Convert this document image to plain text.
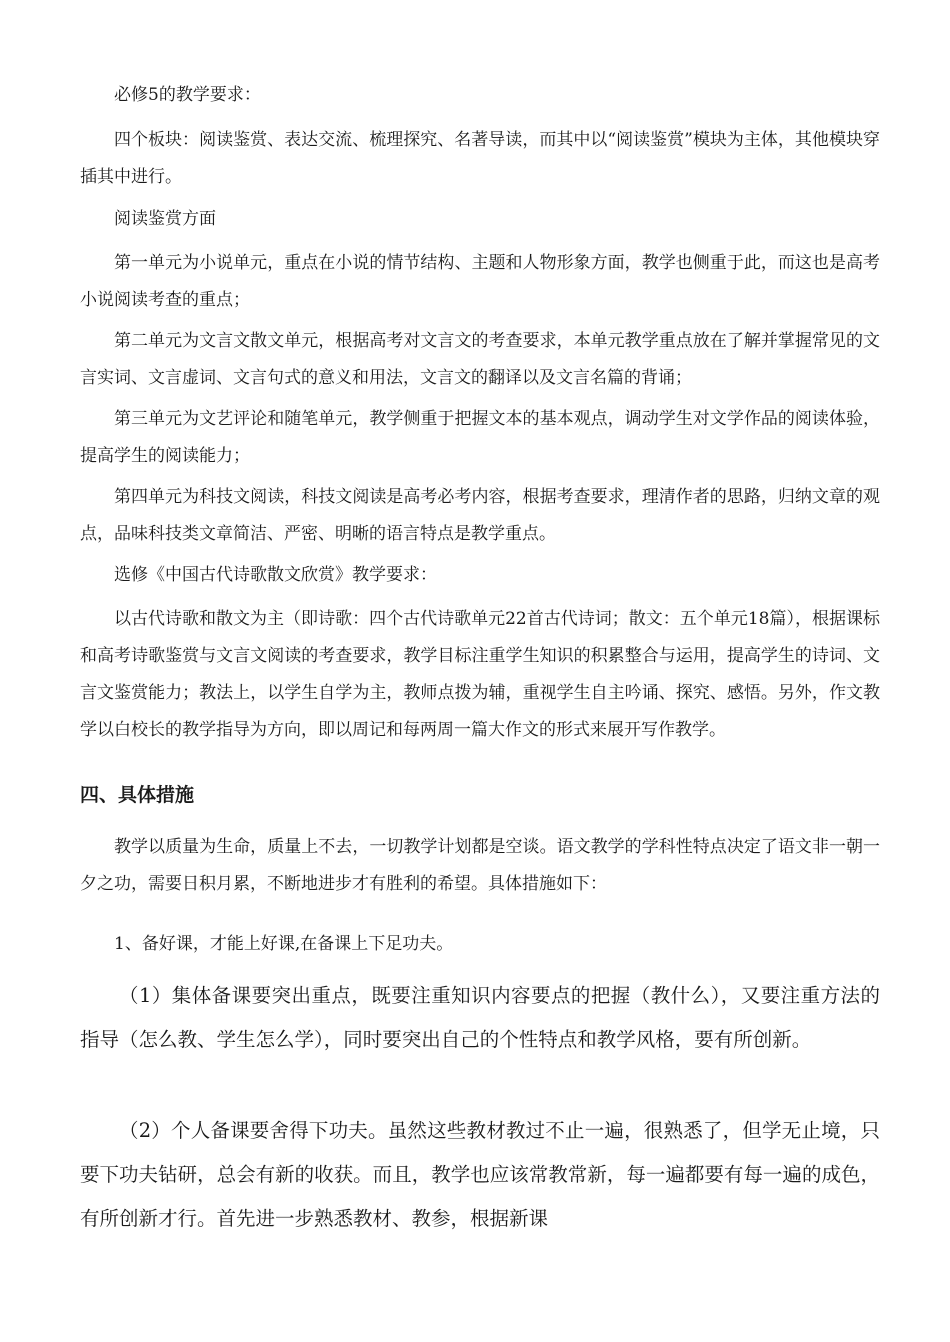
必修5的教学要求：

四个板块：阅读鉴赏、表达交流、梳理探究、名著导读，而其中以“阅读鉴赏”模块为主体，其他模块穿插其中进行。

阅读鉴赏方面

第一单元为小说单元，重点在小说的情节结构、主题和人物形象方面，教学也侧重于此，而这也是高考小说阅读考查的重点；

第二单元为文言文散文单元，根据高考对文言文的考查要求，本单元教学重点放在了解并掌握常见的文言实词、文言虚词、文言句式的意义和用法，文言文的翻译以及文言名篇的背诵；

第三单元为文艺评论和随笔单元，教学侧重于把握文本的基本观点，调动学生对文学作品的阅读体验，提高学生的阅读能力；

第四单元为科技文阅读，科技文阅读是高考必考内容，根据考查要求，理清作者的思路，归纳文章的观点，品味科技类文章简洁、严密、明晰的语言特点是教学重点。

选修《中国古代诗歌散文欣赏》教学要求：

以古代诗歌和散文为主（即诗歌：四个古代诗歌单元22首古代诗词；散文：五个单元18篇），根据课标和高考诗歌鉴赏与文言文阅读的考查要求，教学目标注重学生知识的积累整合与运用，提高学生的诗词、文言文鉴赏能力；教法上，以学生自学为主，教师点拨为辅，重视学生自主吟诵、探究、感悟。另外，作文教学以白校长的教学指导为方向，即以周记和每两周一篇大作文的形式来展开写作教学。

四、具体措施

教学以质量为生命，质量上不去，一切教学计划都是空谈。语文教学的学科性特点决定了语文非一朝一夕之功，需要日积月累，不断地进步才有胜利的希望。具体措施如下：

1、备好课，才能上好课,在备课上下足功夫。

（1）集体备课要突出重点，既要注重知识内容要点的把握（教什么），又要注重方法的指导（怎么教、学生怎么学），同时要突出自己的个性特点和教学风格，要有所创新。

（2）个人备课要舍得下功夫。虽然这些教材教过不止一遍，很熟悉了，但学无止境，只要下功夫钻研，总会有新的收获。而且，教学也应该常教常新，每一遍都要有每一遍的成色，有所创新才行。首先进一步熟悉教材、教参，根据新课
